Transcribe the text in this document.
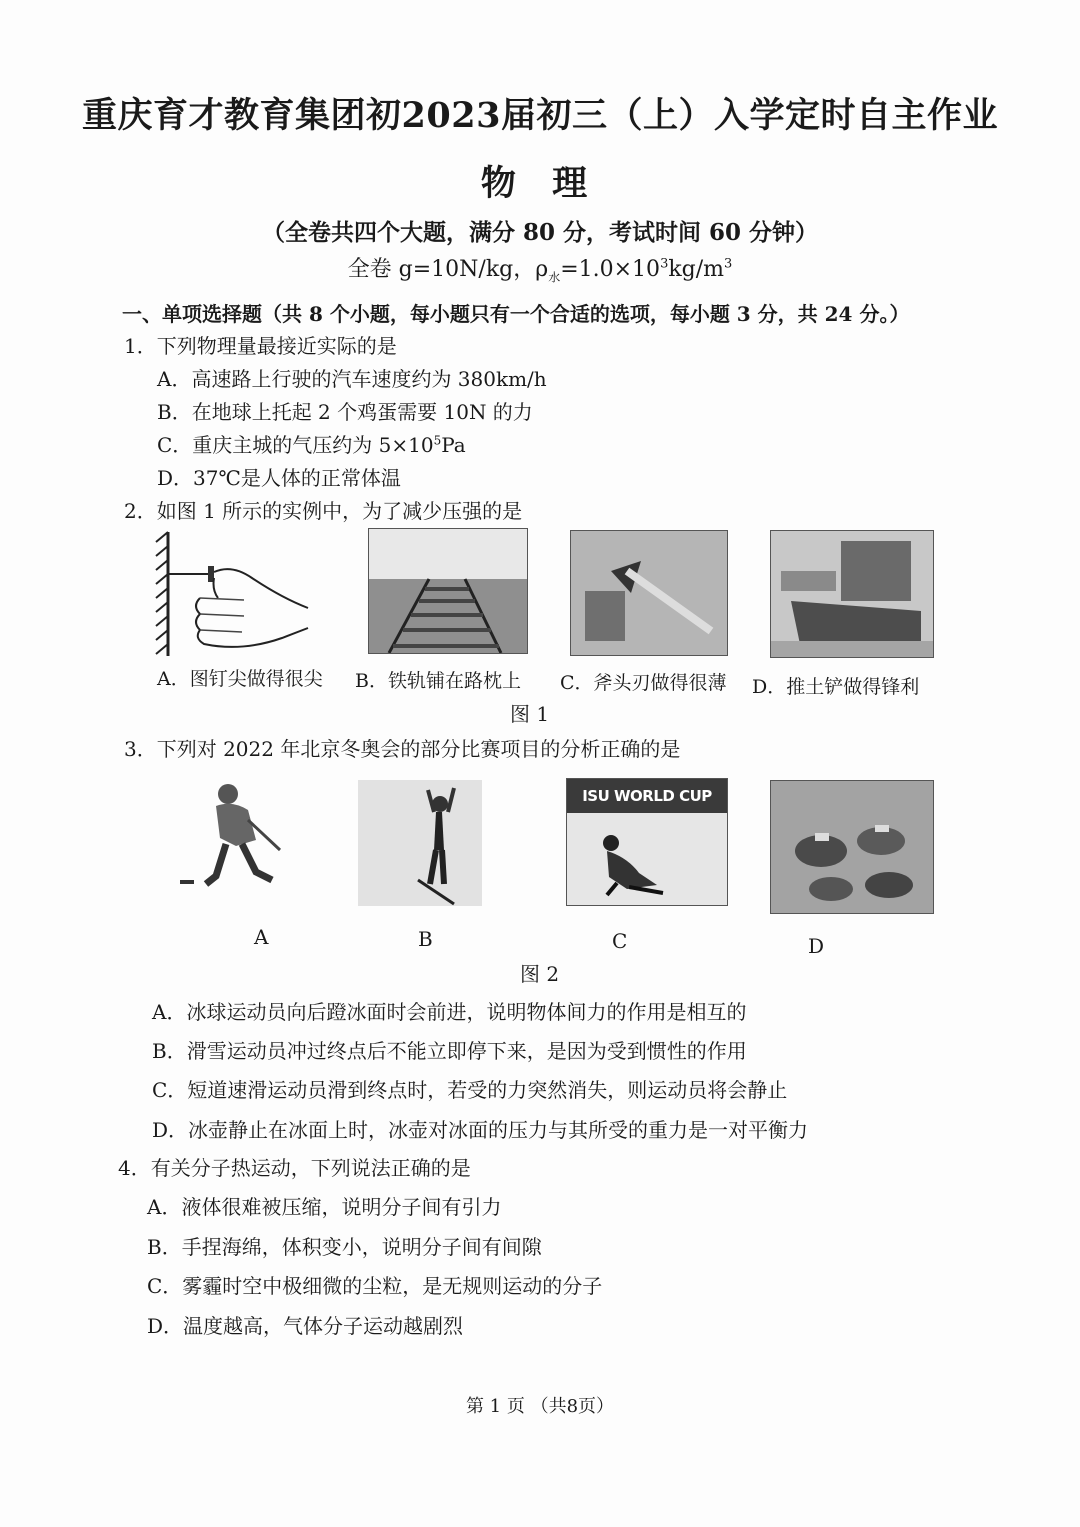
重庆育才教育集团初2023届初三（上）入学定时自主作业
物 理
（全卷共四个大题，满分 80 分，考试时间 60 分钟）
全卷 g=10N/kg，$\rho_水=1.0\times 10^3kg/m^3$
一、单项选择题（共 8 个小题，每小题只有一个合适的选项，每小题 3 分，共 24 分。）
1．下列物理量最接近实际的是
A．高速路上行驶的汽车速度约为 380km/h
B．在地球上托起 2 个鸡蛋需要 10N 的力
C．重庆主城的气压约为 $5\times 10^5Pa$
D．37℃是人体的正常体温
2．如图 1 所示的实例中，为了减少压强的是
A．图钉尖做得很尖 B．铁轨铺在路枕上 C．斧头刃做得很薄 D．推土铲做得锋利
图 1
3．下列对 2022 年北京冬奥会的部分比赛项目的分析正确的是
ISU WORLD CUP
A	B	C	D
图 2
A．冰球运动员向后蹬冰面时会前进，说明物体间力的作用是相互的
B．滑雪运动员冲过终点后不能立即停下来，是因为受到惯性的作用
C．短道速滑运动员滑到终点时，若受的力突然消失，则运动员将会静止
D．冰壶静止在冰面上时，冰壶对冰面的压力与其所受的重力是一对平衡力
4．有关分子热运动，下列说法正确的是
A．液体很难被压缩，说明分子间有引力
B．手捏海绵，体积变小，说明分子间有间隙
C．雾霾时空中极细微的尘粒，是无规则运动的分子
D．温度越高，气体分子运动越剧烈
第 1 页 （共8页）
